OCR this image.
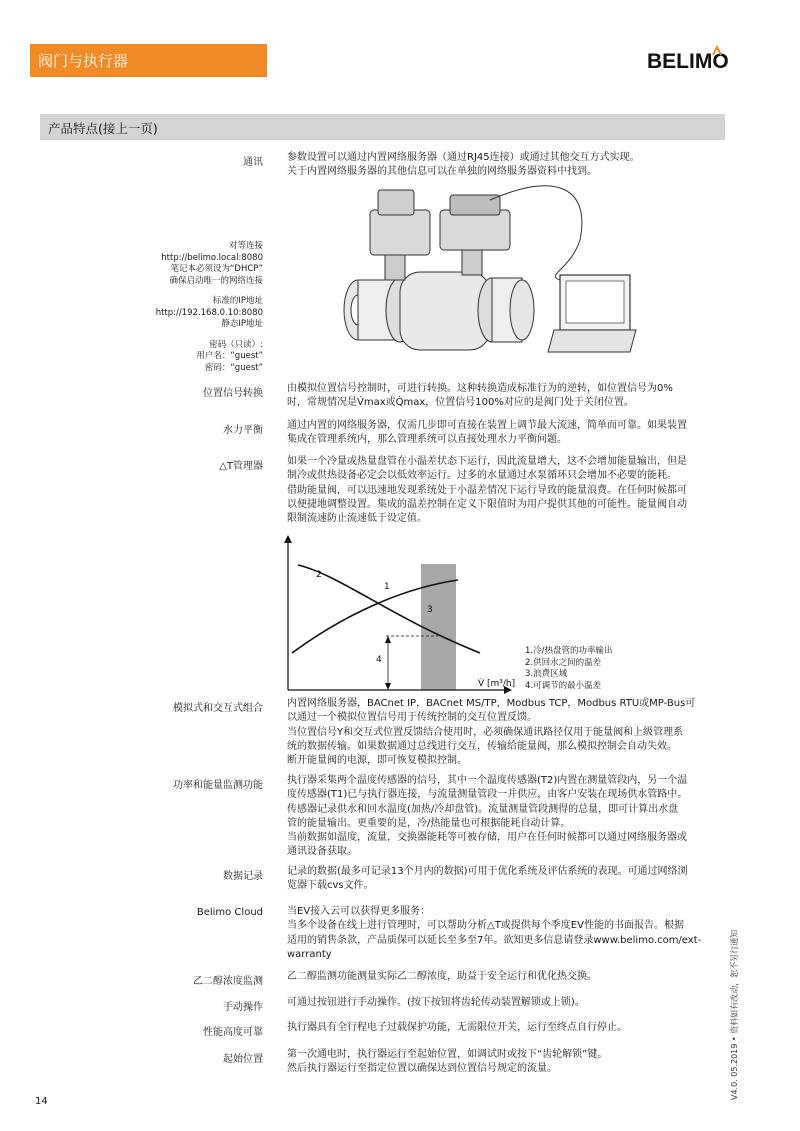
阀门与执行器	BELIMO
产品特点(接上一页)
通讯 参数设置可以通过内置网络服务器（通过RJ45连接）或通过其他交互方式实现。
关于内置网络服务器的其他信息可以在单独的网络服务器资料中找到。
对等连接
http://belimo.local:8080
笔记本必须设为“DHCP”
确保启动唯一的网络连接
标准的IP地址
http://192.168.0.10:8080
静态IP地址
密码（只读）:
用户名：“guest”
密码：“guest”
位置信号转换 由模拟位置信号控制时，可进行转换。这种转换造成标准行为的逆转，如位置信号为0%
时，常规情况是V̇max或Q̇max，位置信号100%对应的是阀门处于关闭位置。
水力平衡 通过内置的网络服务器，仅需几步即可直接在装置上调节最大流速，简单而可靠。如果装置
集成在管理系统内，那么管理系统可以直接处理水力平衡问题。
△T管理器 如果一个冷量或热量盘管在小温差状态下运行，因此流量增大，这不会增加能量输出，但是
制冷或供热设备必定会以低效率运行。过多的水量通过水泵循环只会增加不必要的能耗。
借助能量阀，可以迅速地发现系统处于小温差情况下运行导致的能量浪费。在任何时候都可
以便捷地调整设置。集成的温差控制在定义下限值时为用户提供其他的可能性。能量阀自动
限制流速防止流速低于设定值。
2
1
3
4
V̇ [m³/h]
1.冷/热盘管的功率输出
2.供回水之间的温差
3.浪费区域
4.可调节的最小温差
模拟式和交互式组合 内置网络服务器，BACnet IP，BACnet MS/TP，Modbus TCP，Modbus RTU或MP-Bus可
以通过一个模拟位置信号用于传统控制的交互位置反馈。
当位置信号Y和交互式位置反馈结合使用时，必须确保通讯路径仅用于能量阀和上级管理系
统的数据传输。如果数据通过总线进行交互，传输给能量阀，那么模拟控制会自动失效。
断开能量阀的电源，即可恢复模拟控制。
功率和能量监测功能 执行器采集两个温度传感器的信号，其中一个温度传感器(T2)内置在测量管段内，另一个温
度传感器(T1)已与执行器连接，与流量测量管段一并供应，由客户安装在现场供水管路中。
传感器记录供水和回水温度(加热/冷却盘管)。流量测量管段测得的总量，即可计算出水盘
管的能量输出。更重要的是，冷/热能量也可根据能耗自动计算。
当前数据如温度，流量，交换器能耗等可被存储，用户在任何时候都可以通过网络服务器或
通讯设备获取。
数据记录 记录的数据(最多可记录13个月内的数据)可用于优化系统及评估系统的表现。可通过网络浏
览器下载cvs文件。
Belimo Cloud 当EV接入云可以获得更多服务：
当多个设备在线上进行管理时，可以帮助分析△T或提供每个季度EV性能的书面报告。根据
适用的销售条款，产品质保可以延长至多至7年。欲知更多信息请登录www.belimo.com/ext-
warranty
乙二醇浓度监测 乙二醇监测功能测量实际乙二醇浓度，助益于安全运行和优化热交换。
手动操作 可通过按钮进行手动操作。(按下按钮将齿轮传动装置解锁或上锁)。
性能高度可靠 执行器具有全行程电子过载保护功能，无需限位开关，运行至终点自行停止。
起始位置 第一次通电时，执行器运行至起始位置，如调试时或按下“齿轮解锁”键。
然后执行器运行至指定位置以确保达到位置信号规定的流量。
14
V4.0. 05.2019 • 资料如有改动，恕不另行通知
